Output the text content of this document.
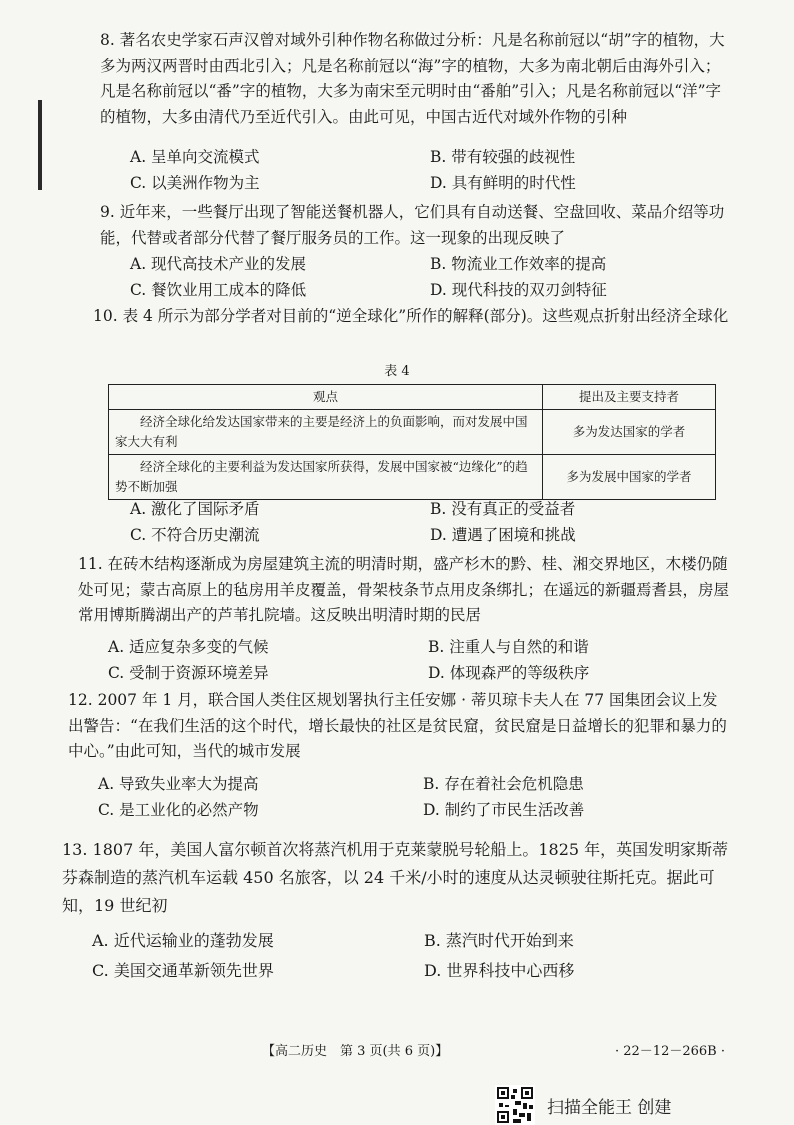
8. 著名农史学家石声汉曾对域外引种作物名称做过分析：凡是名称前冠以“胡”字的植物，大多为两汉两晋时由西北引入；凡是名称前冠以“海”字的植物，大多为南北朝后由海外引入；凡是名称前冠以“番”字的植物，大多为南宋至元明时由“番舶”引入；凡是名称前冠以“洋”字的植物，大多由清代乃至近代引入。由此可见，中国古近代对域外作物的引种
A. 呈单向交流模式	B. 带有较强的歧视性
C. 以美洲作物为主	D. 具有鲜明的时代性
9. 近年来，一些餐厅出现了智能送餐机器人，它们具有自动送餐、空盘回收、菜品介绍等功能，代替或者部分代替了餐厅服务员的工作。这一现象的出现反映了
A. 现代高技术产业的发展	B. 物流业工作效率的提高
C. 餐饮业用工成本的降低	D. 现代科技的双刃剑特征
10. 表 4 所示为部分学者对目前的“逆全球化”所作的解释(部分)。这些观点折射出经济全球化
表 4
观点	提出及主要支持者
经济全球化给发达国家带来的主要是经济上的负面影响，而对发展中国家大大有利	多为发达国家的学者
经济全球化的主要利益为发达国家所获得，发展中国家被“边缘化”的趋势不断加强	多为发展中国家的学者
A. 激化了国际矛盾	B. 没有真正的受益者
C. 不符合历史潮流	D. 遭遇了困境和挑战
11. 在砖木结构逐渐成为房屋建筑主流的明清时期，盛产杉木的黔、桂、湘交界地区，木楼仍随处可见；蒙古高原上的毡房用羊皮覆盖，骨架枝条节点用皮条绑扎；在遥远的新疆焉耆县，房屋常用博斯腾湖出产的芦苇扎院墙。这反映出明清时期的民居
A. 适应复杂多变的气候	B. 注重人与自然的和谐
C. 受制于资源环境差异	D. 体现森严的等级秩序
12. 2007 年 1 月，联合国人类住区规划署执行主任安娜 · 蒂贝琼卡夫人在 77 国集团会议上发出警告：“在我们生活的这个时代，增长最快的社区是贫民窟，贫民窟是日益增长的犯罪和暴力的中心。”由此可知，当代的城市发展
A. 导致失业率大为提高	B. 存在着社会危机隐患
C. 是工业化的必然产物	D. 制约了市民生活改善
13. 1807 年，美国人富尔顿首次将蒸汽机用于克莱蒙脱号轮船上。1825 年，英国发明家斯蒂芬森制造的蒸汽机车运载 450 名旅客，以 24 千米/小时的速度从达灵顿驶往斯托克。据此可知，19 世纪初
A. 近代运输业的蓬勃发展	B. 蒸汽时代开始到来
C. 美国交通革新领先世界	D. 世界科技中心西移
【高二历史　第 3 页(共 6 页)】	· 22－12－266B ·
扫描全能王 创建
